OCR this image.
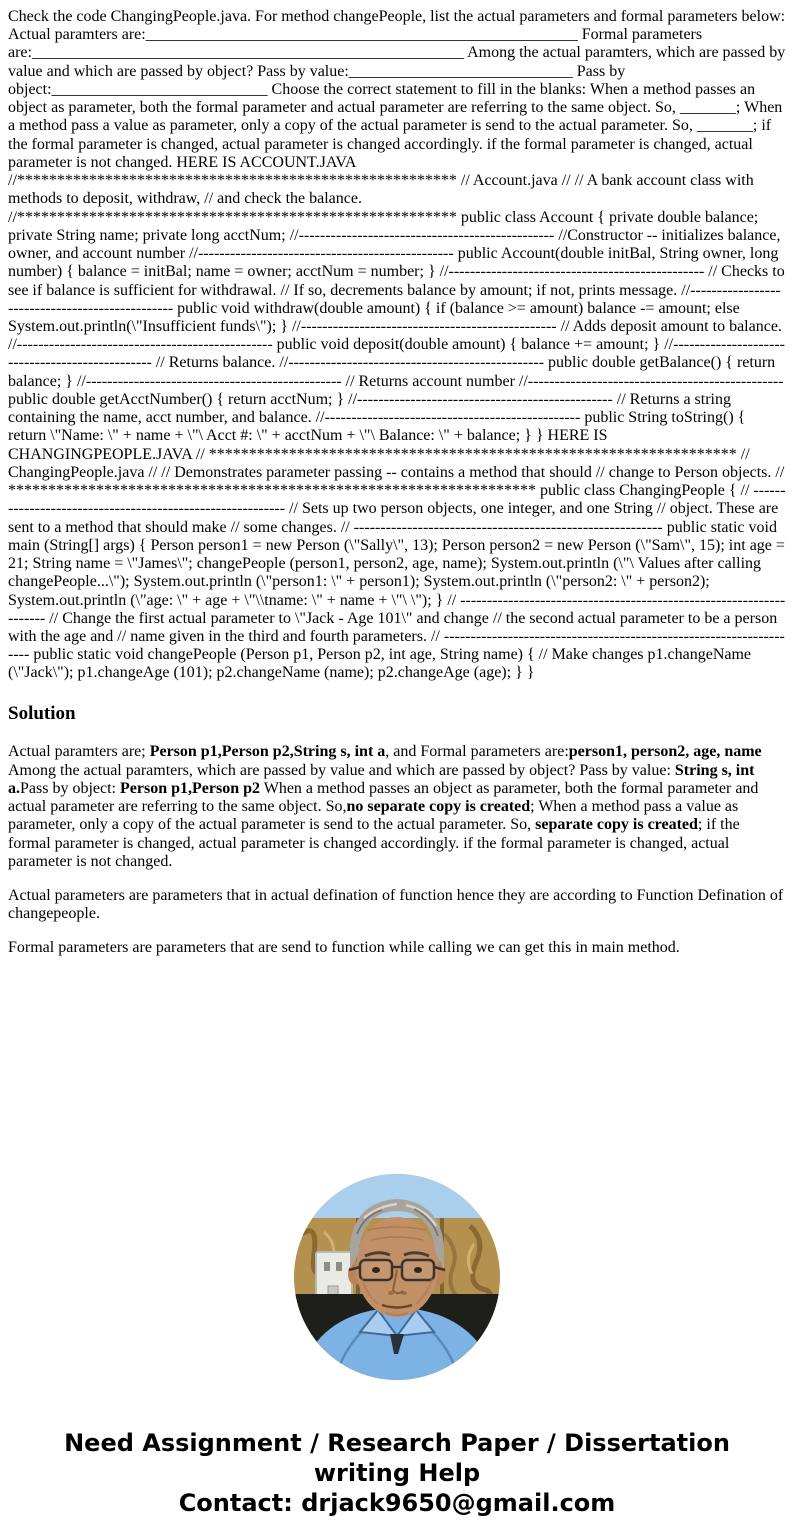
Check the code ChangingPeople.java. For method changePeople, list the actual parameters and formal parameters below: Actual paramters are:______________________________________________________ Formal parameters are:______________________________________________________ Among the actual paramters, which are passed by value and which are passed by object? Pass by value:____________________________ Pass by object:___________________________ Choose the correct statement to fill in the blanks: When a method passes an object as parameter, both the formal parameter and actual parameter are referring to the same object. So, _______; When a method pass a value as parameter, only a copy of the actual parameter is send to the actual parameter. So, _______; if the formal parameter is changed, actual parameter is changed accordingly. if the formal parameter is changed, actual parameter is not changed. HERE IS ACCOUNT.JAVA //******************************************************* // Account.java // // A bank account class with methods to deposit, withdraw, // and check the balance. //******************************************************* public class Account { private double balance; private String name; private long acctNum; //------------------------------------------------ //Constructor -- initializes balance, owner, and account number //------------------------------------------------ public Account(double initBal, String owner, long number) { balance = initBal; name = owner; acctNum = number; } //------------------------------------------------ // Checks to see if balance is sufficient for withdrawal. // If so, decrements balance by amount; if not, prints message. //------------------------------------------------ public void withdraw(double amount) { if (balance >= amount) balance -= amount; else System.out.println(\"Insufficient funds\"); } //------------------------------------------------ // Adds deposit amount to balance. //------------------------------------------------ public void deposit(double amount) { balance += amount; } //------------------------------------------------ // Returns balance. //------------------------------------------------ public double getBalance() { return balance; } //------------------------------------------------ // Returns account number //------------------------------------------------ public double getAcctNumber() { return acctNum; } //------------------------------------------------ // Returns a string containing the name, acct number, and balance. //------------------------------------------------ public String toString() { return \"Name: \" + name + \"\ Acct #: \" + acctNum + \"\ Balance: \" + balance; } } HERE IS CHANGINGPEOPLE.JAVA // ****************************************************************** // ChangingPeople.java // // Demonstrates parameter passing -- contains a method that should // change to Person objects. // ****************************************************************** public class ChangingPeople { // ---------------------------------------------------------- // Sets up two person objects, one integer, and one String // object. These are sent to a method that should make // some changes. // ---------------------------------------------------------- public static void main (String[] args) { Person person1 = new Person (\"Sally\", 13); Person person2 = new Person (\"Sam\", 15); int age = 21; String name = \"James\"; changePeople (person1, person2, age, name); System.out.println (\"\ Values after calling changePeople...\"); System.out.println (\"person1: \" + person1); System.out.println (\"person2: \" + person2); System.out.println (\"age: \" + age + \"\\tname: \" + name + \"\ \"); } // -------------------------------------------------------------------- // Change the first actual parameter to \"Jack - Age 101\" and change // the second actual parameter to be a person with the age and // name given in the third and fourth parameters. // -------------------------------------------------------------------- public static void changePeople (Person p1, Person p2, int age, String name) { // Make changes p1.changeName (\"Jack\"); p1.changeAge (101); p2.changeName (name); p2.changeAge (age); } }

Solution

Actual paramters are; Person p1,Person p2,String s, int a, and Formal parameters are:person1, person2, age, name Among the actual paramters, which are passed by value and which are passed by object? Pass by value: String s, int a.Pass by object: Person p1,Person p2 When a method passes an object as parameter, both the formal parameter and actual parameter are referring to the same object. So,no separate copy is created; When a method pass a value as parameter, only a copy of the actual parameter is send to the actual parameter. So, separate copy is created; if the formal parameter is changed, actual parameter is changed accordingly. if the formal parameter is changed, actual parameter is not changed.

Actual parameters are parameters that in actual defination of function hence they are according to Function Defination of changepeople.

Formal parameters are parameters that are send to function while calling we can get this in main method.

Need Assignment / Research Paper / Dissertation
writing Help
Contact: drjack9650@gmail.com
